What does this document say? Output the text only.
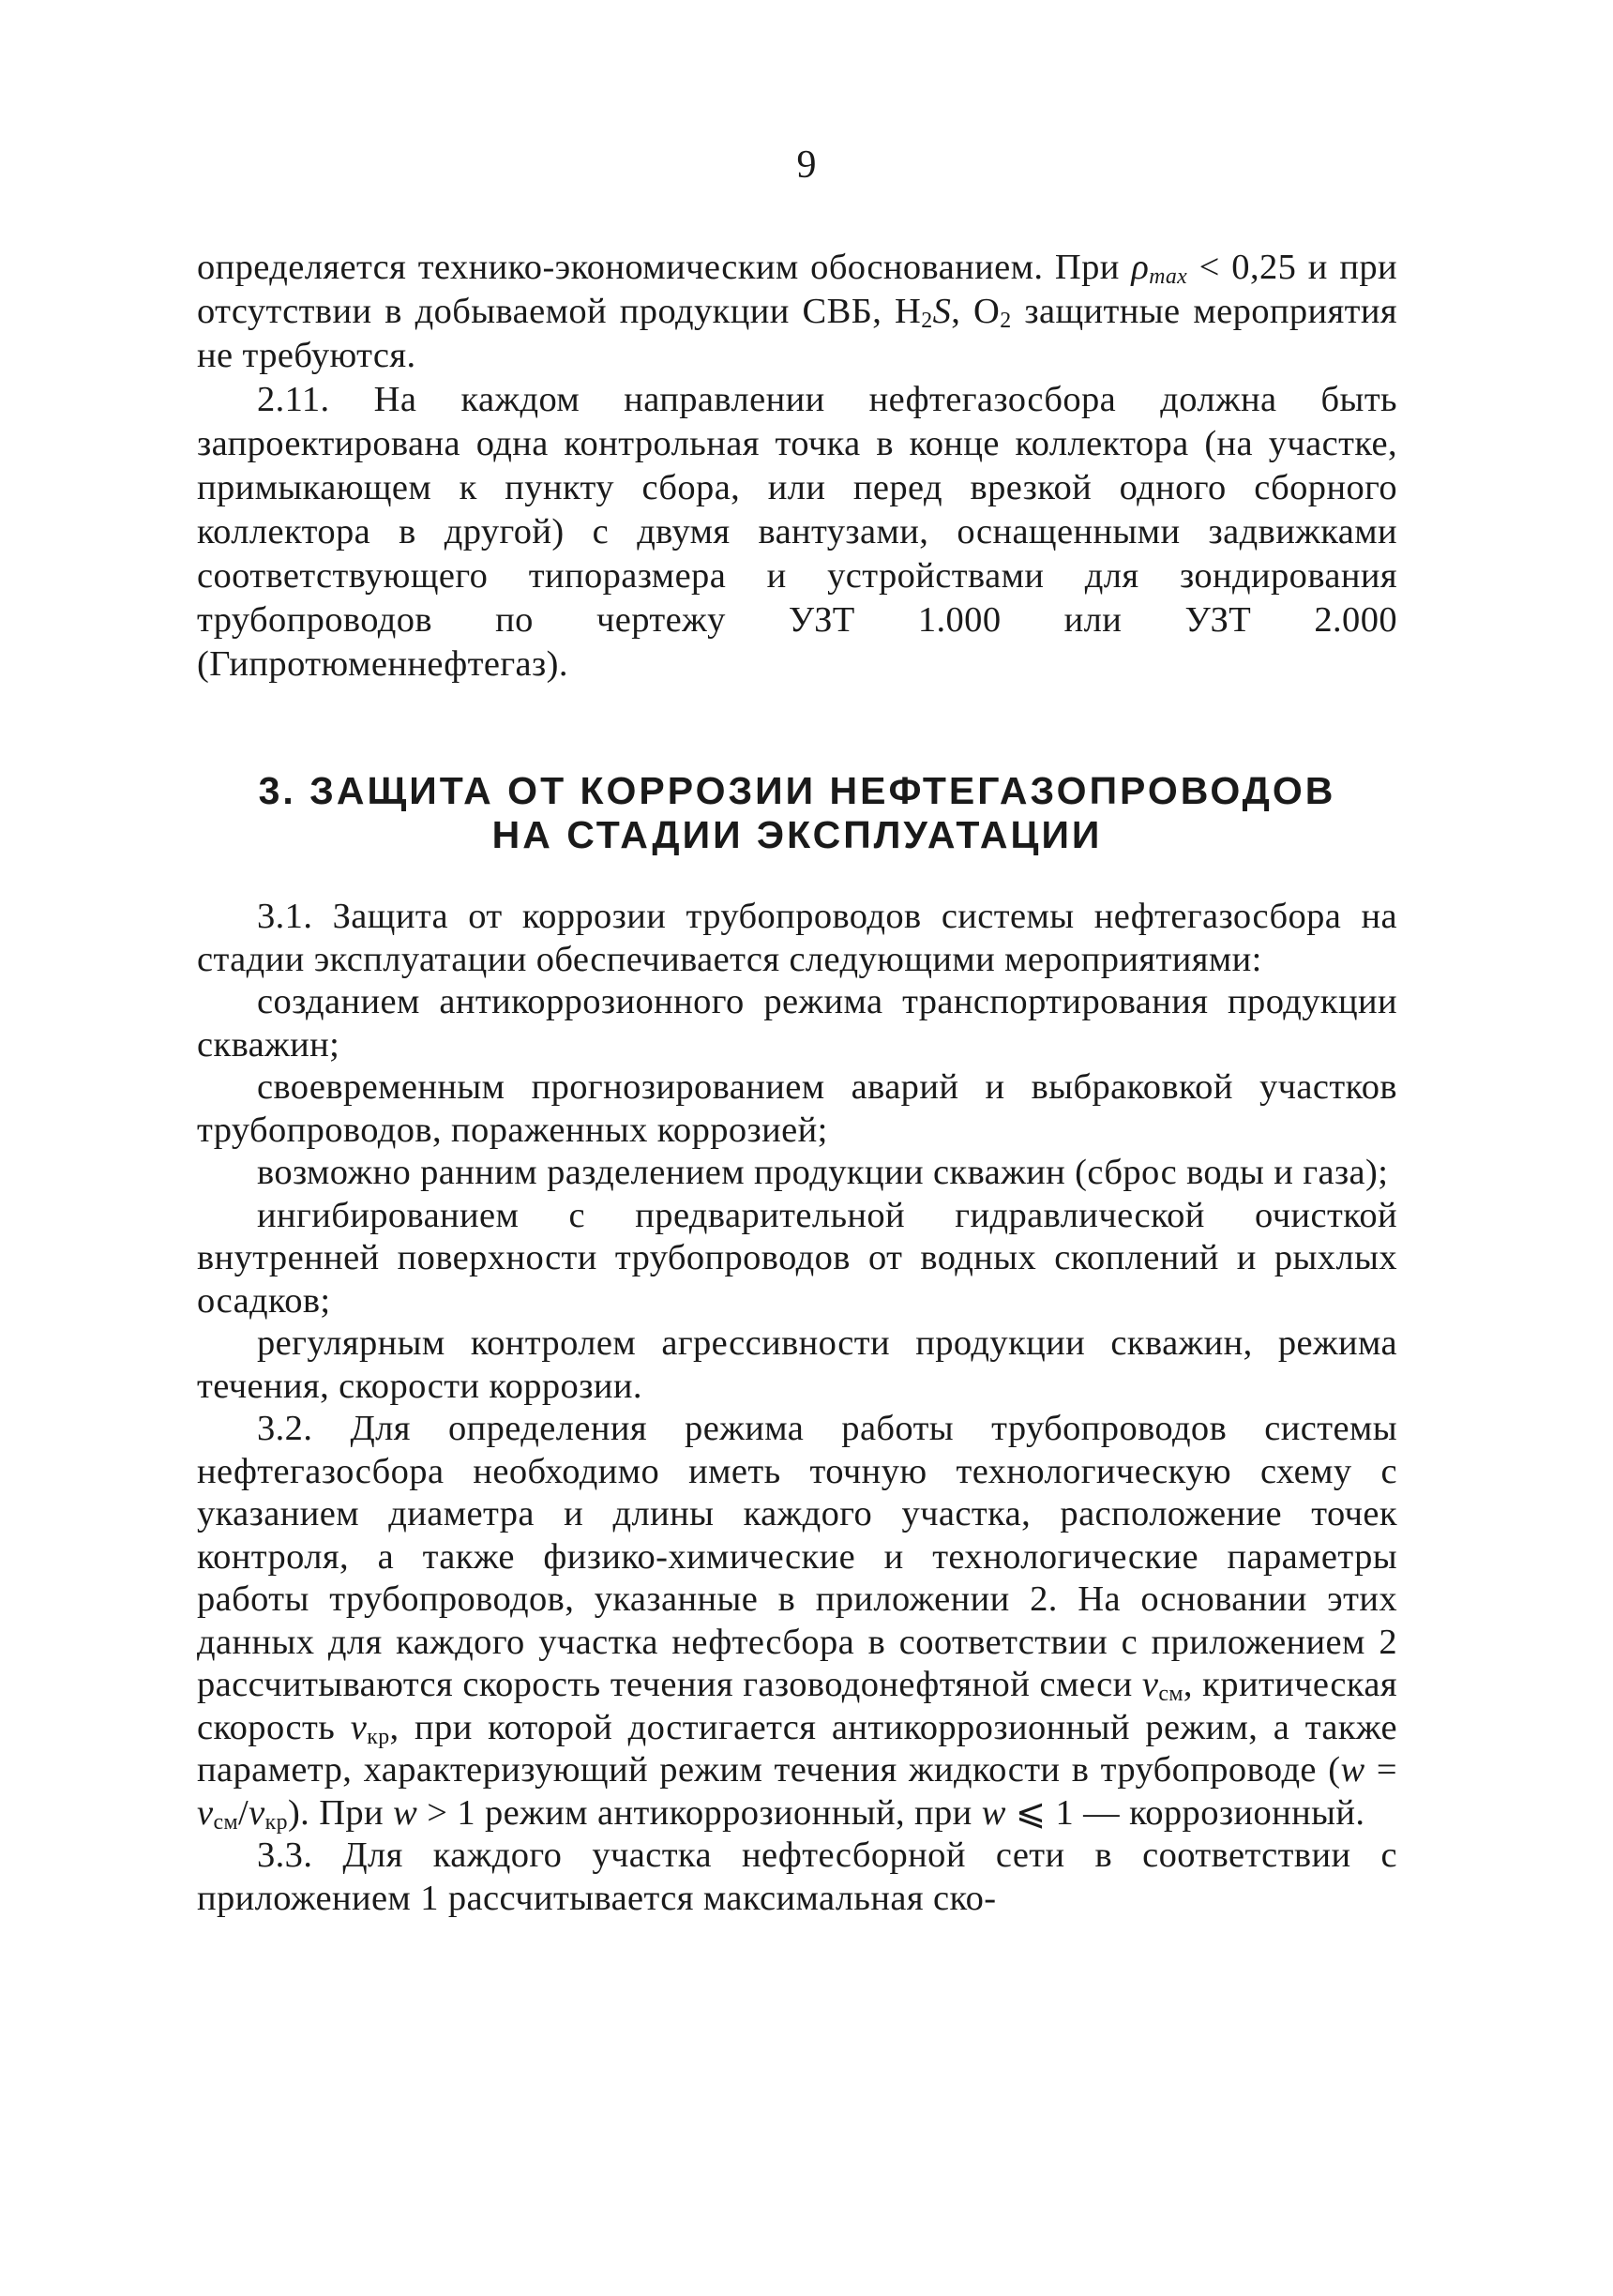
9

определяется технико-экономическим обоснованием. При $\rho_{max} < 0,25$ и при отсутствии в добываемой продукции СВБ, $H_2S$, $O_2$ защитные мероприятия не требуются.

2.11. На каждом направлении нефтегазосбора должна быть запроектирована одна контрольная точка в конце коллектора (на участке, примыкающем к пункту сбора, или перед врезкой одного сборного коллектора в другой) с двумя вантузами, оснащенными задвижками соответствующего типоразмера и устройствами для зондирования трубопроводов по чертежу УЗТ 1.000 или УЗТ 2.000 (Гипротюменнефтегаз).

3. ЗАЩИТА ОТ КОРРОЗИИ НЕФТЕГАЗОПРОВОДОВ
НА СТАДИИ ЭКСПЛУАТАЦИИ

3.1. Защита от коррозии трубопроводов системы нефтегазосбора на стадии эксплуатации обеспечивается следующими мероприятиями:

созданием антикоррозионного режима транспортирования продукции скважин;

своевременным прогнозированием аварий и выбраковкой участков трубопроводов, пораженных коррозией;

возможно ранним разделением продукции скважин (сброс воды и газа);

ингибированием с предварительной гидравлической очисткой внутренней поверхности трубопроводов от водных скоплений и рыхлых осадков;

регулярным контролем агрессивности продукции скважин, режима течения, скорости коррозии.

3.2. Для определения режима работы трубопроводов системы нефтегазосбора необходимо иметь точную технологическую схему с указанием диаметра и длины каждого участка, расположение точек контроля, а также физико-химические и технологические параметры работы трубопроводов, указанные в приложении 2. На основании этих данных для каждого участка нефтесбора в соответствии с приложением 2 рассчитываются скорость течения газоводонефтяной смеси $v_{см}$, критическая скорость $v_{кр}$, при которой достигается антикоррозионный режим, а также параметр, характеризующий режим течения жидкости в трубопроводе $(w = v_{см}/v_{кр})$. При w > 1 режим антикоррозионный, при w ⩽ 1 — коррозионный.

3.3. Для каждого участка нефтесборной сети в соответствии с приложением 1 рассчитывается максимальная ско-
